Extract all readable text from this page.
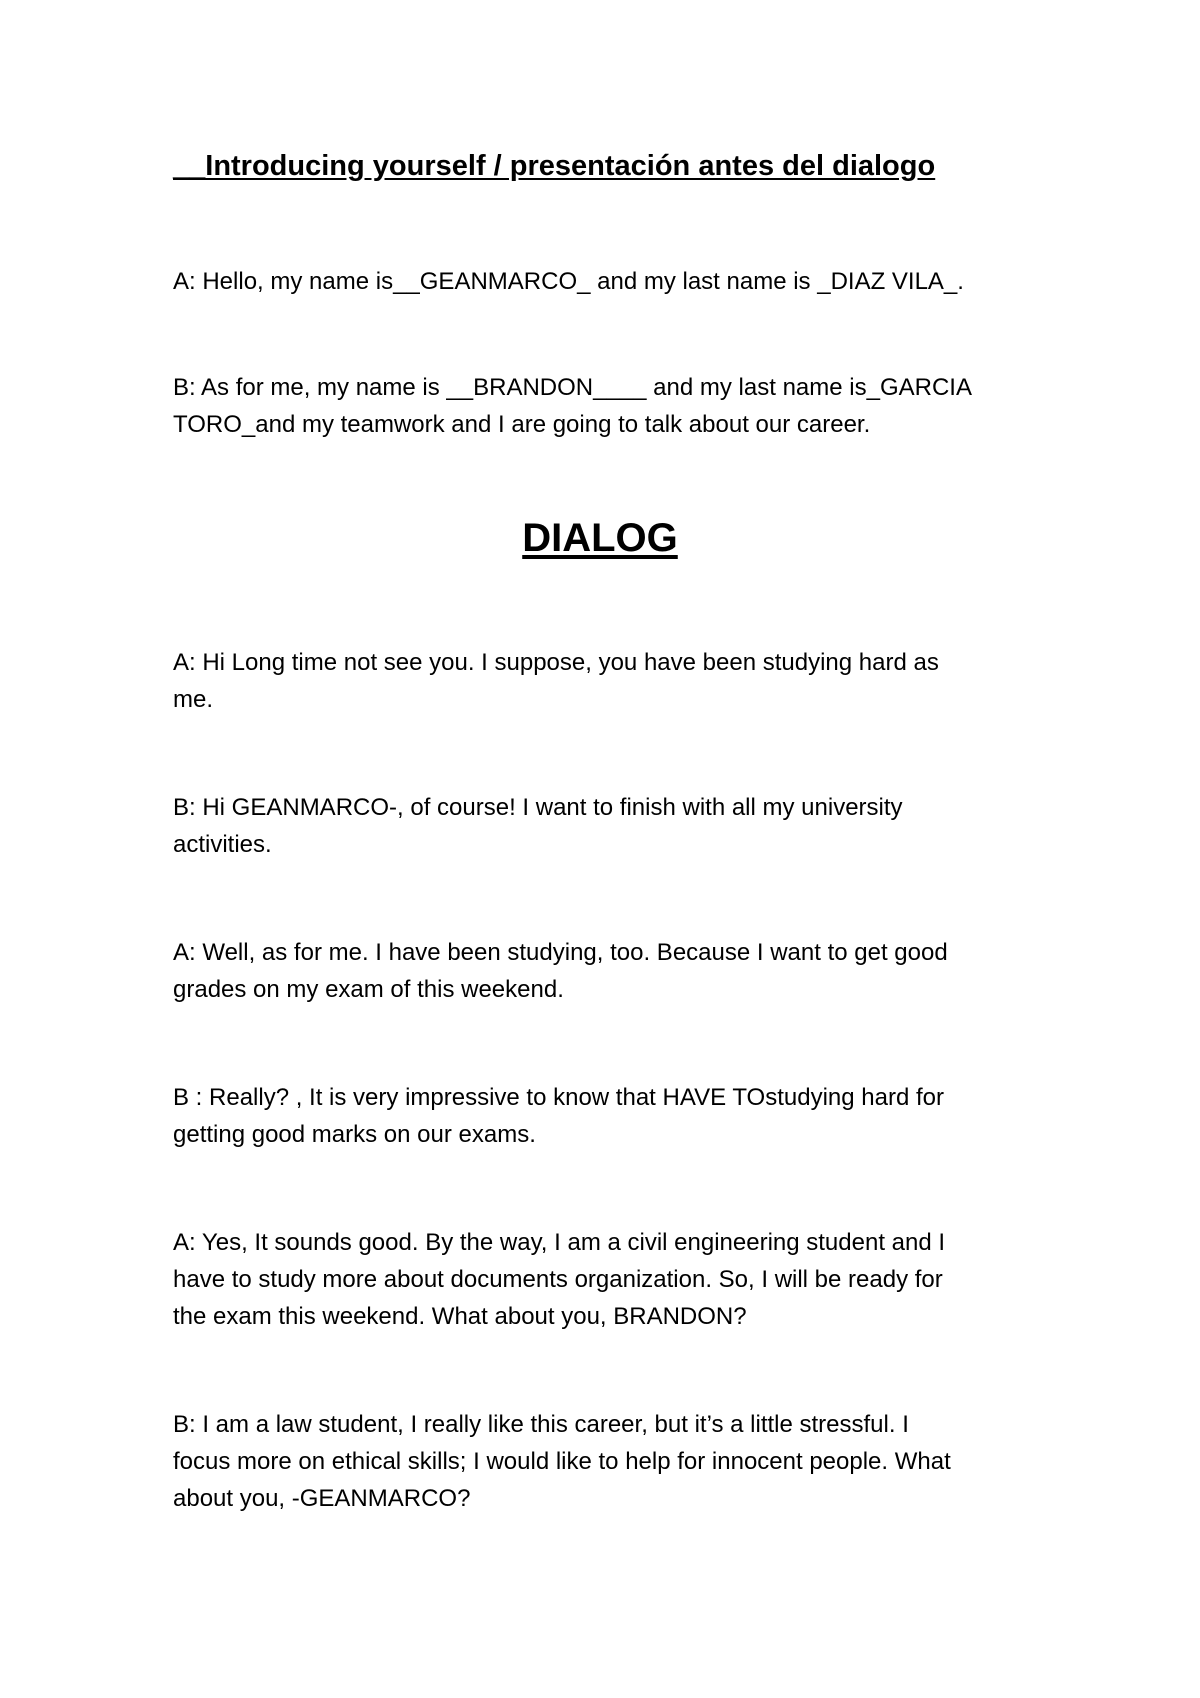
__Introducing yourself / presentación antes del dialogo
A: Hello, my name is__GEANMARCO_ and my last name is _DIAZ VILA_.
B: As for me, my name is __BRANDON____ and my last name is_GARCIA
TORO_and my teamwork and I are going to talk about our career.
DIALOG
A: Hi Long time not see you. I suppose, you have been studying hard as
me.
B: Hi GEANMARCO-, of course! I want to finish with all my university
activities.
A: Well, as for me. I have been studying, too. Because I want to get good
grades on my exam of this weekend.
B : Really? , It is very impressive to know that HAVE TOstudying hard for
getting good marks on our exams.
A: Yes, It sounds good. By the way, I am a civil engineering student and I
have to study more about documents organization. So, I will be ready for
the exam this weekend. What about you, BRANDON?
B: I am a law student, I really like this career, but it’s a little stressful. I
focus more on ethical skills; I would like to help for innocent people. What
about you, -GEANMARCO?
